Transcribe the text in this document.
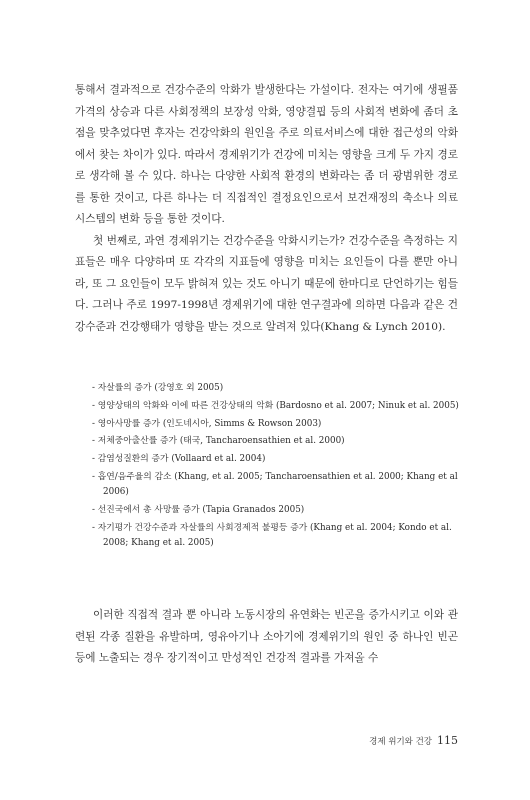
통해서 결과적으로 건강수준의 악화가 발생한다는 가설이다. 전자는 여기에 생필품 가격의 상승과 다른 사회정책의 보장성 악화, 영양결핍 등의 사회적 변화에 좀더 초점을 맞추었다면 후자는 건강악화의 원인을 주로 의료서비스에 대한 접근성의 악화에서 찾는 차이가 있다. 따라서 경제위기가 건강에 미치는 영향을 크게 두 가지 경로로 생각해 볼 수 있다. 하나는 다양한 사회적 환경의 변화라는 좀 더 광범위한 경로를 통한 것이고, 다른 하나는 더 직접적인 결정요인으로서 보건재정의 축소나 의료시스템의 변화 등을 통한 것이다.

첫 번째로, 과연 경제위기는 건강수준을 악화시키는가? 건강수준을 측정하는 지표들은 매우 다양하며 또 각각의 지표들에 영향을 미치는 요인들이 다를 뿐만 아니라, 또 그 요인들이 모두 밝혀져 있는 것도 아니기 때문에 한마디로 단언하기는 힘들다. 그러나 주로 1997-1998년 경제위기에 대한 연구결과에 의하면 다음과 같은 건강수준과 건강행태가 영향을 받는 것으로 알려져 있다(Khang & Lynch 2010).

- 자살률의 증가 (강영호 외 2005)
- 영양상태의 악화와 이에 따른 건강상태의 악화 (Bardosno et al. 2007; Ninuk et al. 2005)
- 영아사망률 증가 (인도네시아, Simms & Rowson 2003)
- 저체중아출산률 증가 (태국, Tancharoensathien et al. 2000)
- 감염성질환의 증가 (Vollaard et al. 2004)
- 흡연/음주율의 감소 (Khang, et al. 2005; Tancharoensathien et al. 2000; Khang et al 2006)
- 선진국에서 총 사망률 증가 (Tapia Granados 2005)
- 자기평가 건강수준과 자살률의 사회경제적 불평등 증가 (Khang et al. 2004; Kondo et al. 2008; Khang et al. 2005)

이러한 직접적 결과 뿐 아니라 노동시장의 유연화는 빈곤을 증가시키고 이와 관련된 각종 질환을 유발하며, 영유아기나 소아기에 경제위기의 원인 중 하나인 빈곤 등에 노출되는 경우 장기적이고 만성적인 건강적 결과를 가져올 수

경제 위기와 건강 115
